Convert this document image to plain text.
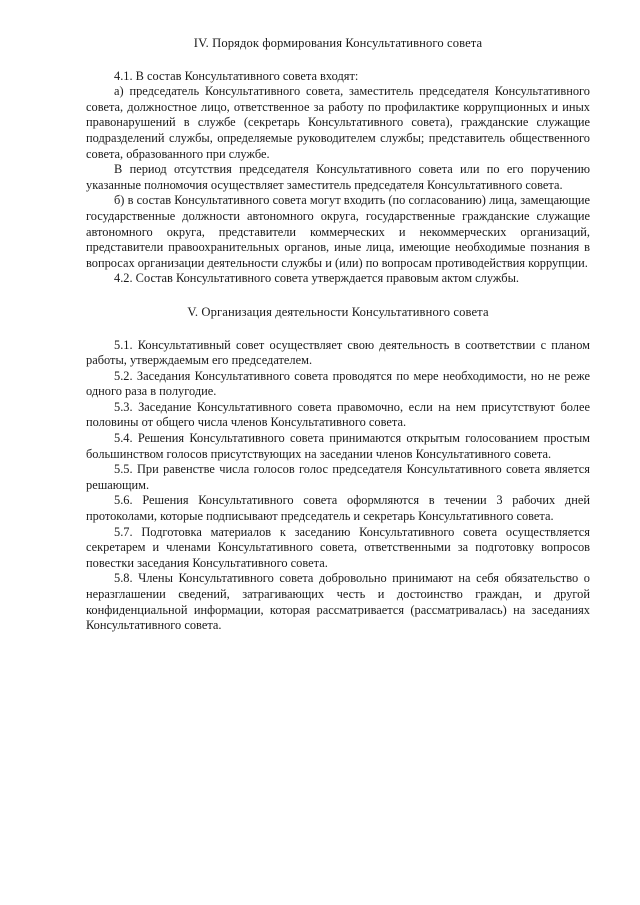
IV. Порядок формирования Консультативного совета

4.1. В состав Консультативного совета входят:

а) председатель Консультативного совета, заместитель председателя Консультативного совета, должностное лицо, ответственное за работу по профилактике коррупционных и иных правонарушений в службе (секретарь Консультативного совета), гражданские служащие подразделений службы, определяемые руководителем службы; представитель общественного совета, образованного при службе.

В период отсутствия председателя Консультативного совета или по его поручению указанные полномочия осуществляет заместитель председателя Консультативного совета.

б) в состав Консультативного совета могут входить (по согласованию) лица, замещающие государственные должности автономного округа, государственные гражданские служащие автономного округа, представители коммерческих и некоммерческих организаций, представители правоохранительных органов, иные лица, имеющие необходимые познания в вопросах организации деятельности службы и (или) по вопросам противодействия коррупции.

4.2. Состав Консультативного совета утверждается правовым актом службы.

V. Организация деятельности Консультативного совета

5.1. Консультативный совет осуществляет свою деятельность в соответствии с планом работы, утверждаемым его председателем.

5.2. Заседания Консультативного совета проводятся по мере необходимости, но не реже одного раза в полугодие.

5.3. Заседание Консультативного совета правомочно, если на нем присутствуют более половины от общего числа членов Консультативного совета.

5.4. Решения Консультативного совета принимаются открытым голосованием простым большинством голосов присутствующих на заседании членов Консультативного совета.

5.5. При равенстве числа голосов голос председателя Консультативного совета является решающим.

5.6. Решения Консультативного совета оформляются в течении 3 рабочих дней протоколами, которые подписывают председатель и секретарь Консультативного совета.

5.7. Подготовка материалов к заседанию Консультативного совета осуществляется секретарем и членами Консультативного совета, ответственными за подготовку вопросов повестки заседания Консультативного совета.

5.8. Члены Консультативного совета добровольно принимают на себя обязательство о неразглашении сведений, затрагивающих честь и достоинство граждан, и другой конфиденциальной информации, которая рассматривается (рассматривалась) на заседаниях Консультативного совета.
